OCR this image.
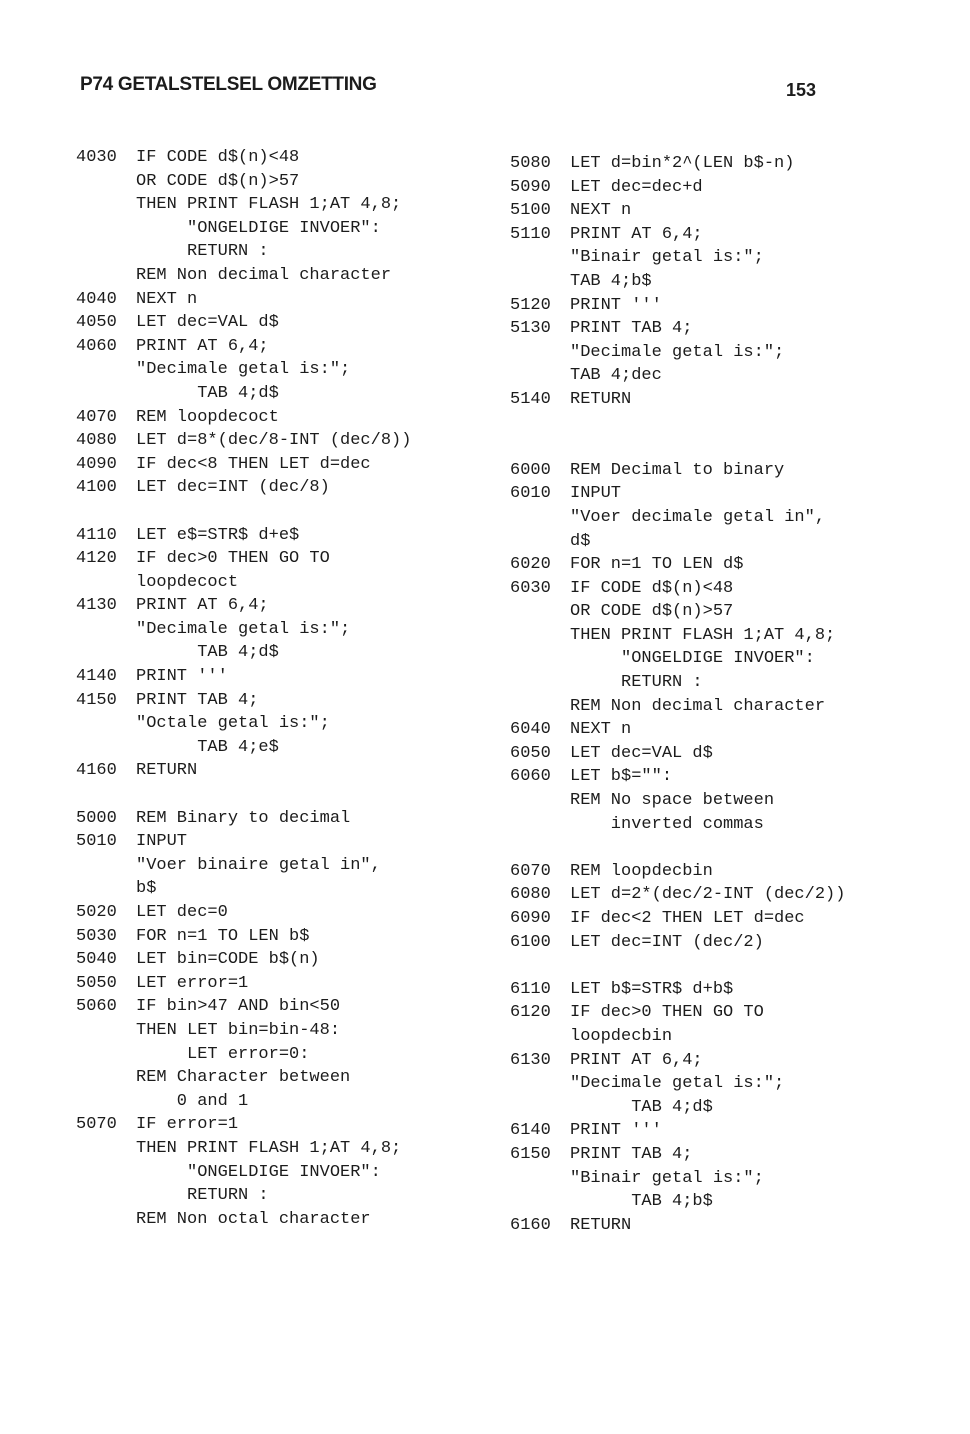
P74 GETALSTELSEL OMZETTING	153
4030	IF CODE d$(n)<48
OR CODE d$(n)>57
THEN PRINT FLASH 1;AT 4,8;
"ONGELDIGE INVOER":
RETURN :
REM Non decimal character
4040	NEXT n
4050	LET dec=VAL d$
4060	PRINT AT 6,4;
"Decimale getal is:";
TAB 4;d$
4070	REM loopdecoct
4080	LET d=8*(dec/8-INT (dec/8))
4090	IF dec<8 THEN LET d=dec
4100	LET dec=INT (dec/8)
4110	LET e$=STR$ d+e$
4120	IF dec>0 THEN GO TO
loopdecoct
4130	PRINT AT 6,4;
"Decimale getal is:";
TAB 4;d$
4140	PRINT '''
4150	PRINT TAB 4;
"Octale getal is:";
TAB 4;e$
4160	RETURN
5000	REM Binary to decimal
5010	INPUT
"Voer binaire getal in",
b$
5020	LET dec=0
5030	FOR n=1 TO LEN b$
5040	LET bin=CODE b$(n)
5050	LET error=1
5060	IF bin>47 AND bin<50
THEN LET bin=bin-48:
LET error=0:
REM Character between
0 and 1
5070	IF error=1
THEN PRINT FLASH 1;AT 4,8;
"ONGELDIGE INVOER":
RETURN :
REM Non octal character
5080	LET d=bin*2^(LEN b$-n)
5090	LET dec=dec+d
5100	NEXT n
5110	PRINT AT 6,4;
"Binair getal is:";
TAB 4;b$
5120	PRINT '''
5130	PRINT TAB 4;
"Decimale getal is:";
TAB 4;dec
5140	RETURN
6000	REM Decimal to binary
6010	INPUT
"Voer decimale getal in",
d$
6020	FOR n=1 TO LEN d$
6030	IF CODE d$(n)<48
OR CODE d$(n)>57
THEN PRINT FLASH 1;AT 4,8;
"ONGELDIGE INVOER":
RETURN :
REM Non decimal character
6040	NEXT n
6050	LET dec=VAL d$
6060	LET b$="":
REM No space between
inverted commas
6070	REM loopdecbin
6080	LET d=2*(dec/2-INT (dec/2))
6090	IF dec<2 THEN LET d=dec
6100	LET dec=INT (dec/2)
6110	LET b$=STR$ d+b$
6120	IF dec>0 THEN GO TO
loopdecbin
6130	PRINT AT 6,4;
"Decimale getal is:";
TAB 4;d$
6140	PRINT '''
6150	PRINT TAB 4;
"Binair getal is:";
TAB 4;b$
6160	RETURN
